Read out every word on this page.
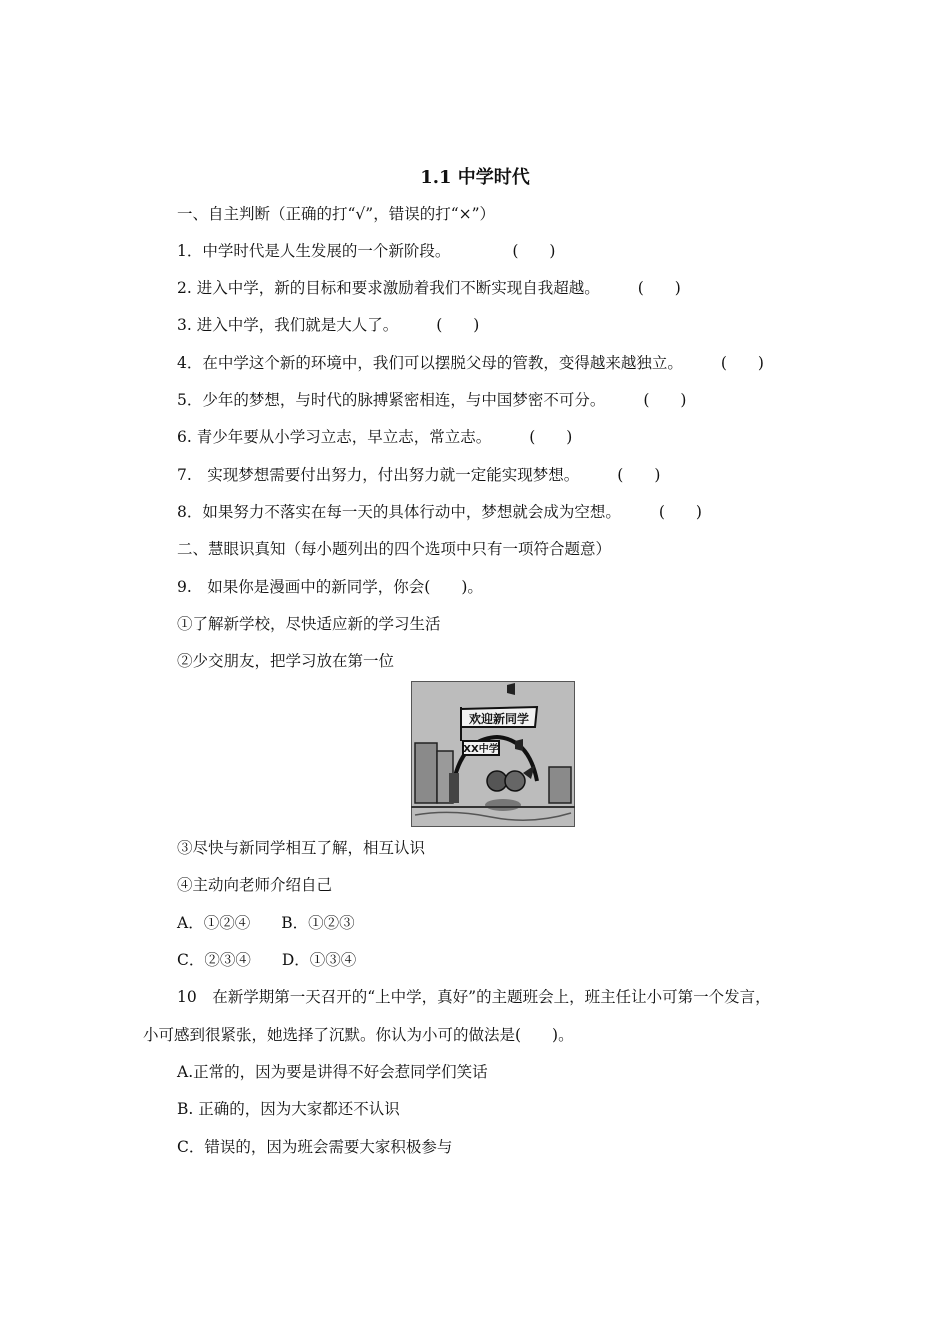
1.1 中学时代
一、自主判断（正确的打“√”，错误的打“×”）
1．中学时代是人生发展的一个新阶段。	(　　)
2. 进入中学，新的目标和要求激励着我们不断实现自我超越。 (　　)
3. 进入中学，我们就是大人了。 (　　)
4．在中学这个新的环境中，我们可以摆脱父母的管教，变得越来越独立。 (　　)
5．少年的梦想，与时代的脉搏紧密相连，与中国梦密不可分。 (　　)
6. 青少年要从小学习立志，早立志，常立志。 (　　)
7.　实现梦想需要付出努力，付出努力就一定能实现梦想。 (　　)
8．如果努力不落实在每一天的具体行动中，梦想就会成为空想。 (　　)
二、慧眼识真知（每小题列出的四个选项中只有一项符合题意）
9.　如果你是漫画中的新同学，你会(　　)。
①了解新学校，尽快适应新的学习生活
②少交朋友，把学习放在第一位
XX中学
欢迎新同学
③尽快与新同学相互了解，相互认识
④主动向老师介绍自己
A．①②④　　B．①②③
C．②③④　　D．①③④
10　在新学期第一天召开的“上中学，真好”的主题班会上，班主任让小可第一个发言，
小可感到很紧张，她选择了沉默。你认为小可的做法是(　　)。
A.正常的，因为要是讲得不好会惹同学们笑话
B. 正确的，因为大家都还不认识
C．错误的，因为班会需要大家积极参与
